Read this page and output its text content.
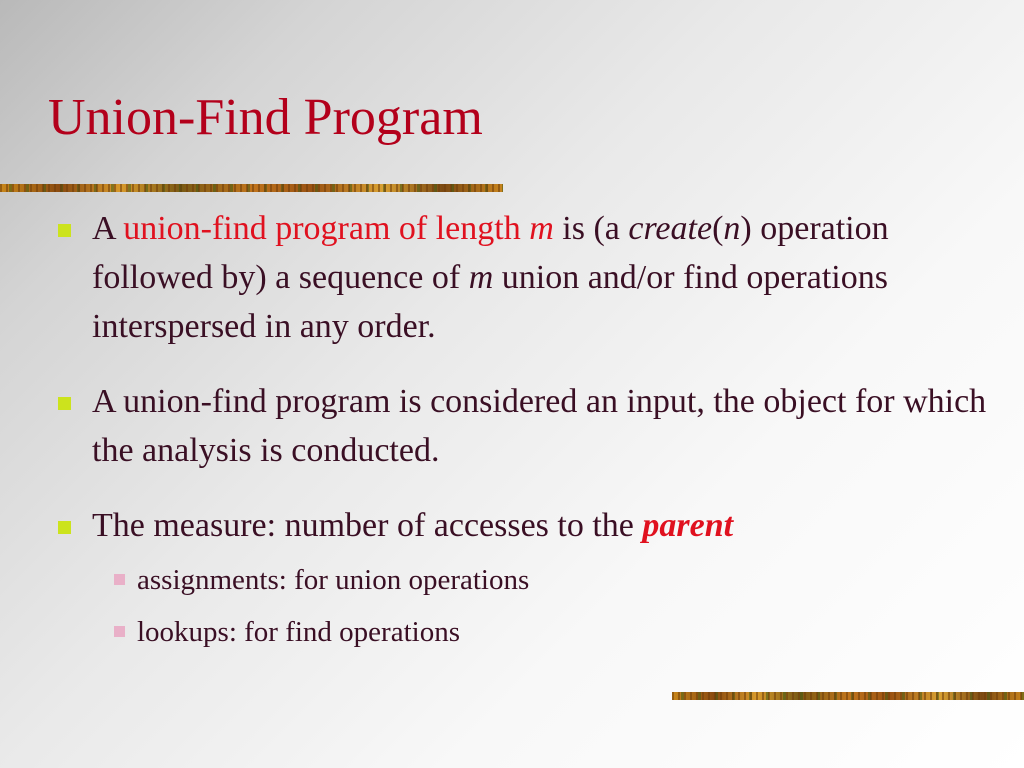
Union-Find Program
A union-find program of length m is (a create(n) operation followed by) a sequence of m union and/or find operations interspersed in any order.
A union-find program is considered an input, the object for which the analysis is conducted.
The measure: number of accesses to the parent
assignments: for union operations
lookups: for find operations
